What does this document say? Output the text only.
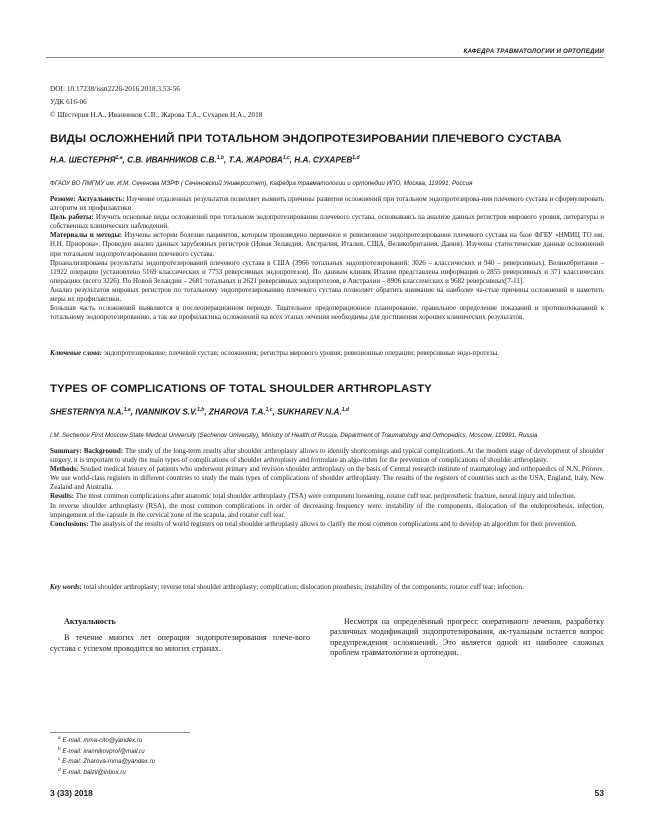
КАФЕДРА ТРАВМАТОЛОГИИ И ОРТОПЕДИИ
DOI: 10.17238/issn2226-2016.2018.3.53-56
УДК 616-06
© Шестерня Н.А., Иванников С.В., Жарова Т.А., Сухарев Н.А., 2018
ВИДЫ ОСЛОЖНЕНИЙ ПРИ ТОТАЛЬНОМ ЭНДОПРОТЕЗИРОВАНИИ ПЛЕЧЕВОГО СУСТАВА
Н.А. ШЕСТЕРНЯ$^{1,a}$, С.В. ИВАННИКОВ С.В.$^{1,b}$, Т.А. ЖАРОВА$^{1,c}$, Н.А. СУХАРЕВ$^{1,d}$
ФГАОУ ВО ПМГМУ им. И.М. Сеченова МЗРФ ( Сеченовский Университет), Кафедра травматологии и ортопедии ИПО, Москва, 119991, Россия

Резюме: Актуальность: Изучение отдаленных результатов позволяет выявить причины развития осложнений при тотальном эндопротезирова-ния плечевого сустава и сформулировать алгоритм их профилактики.

Цель работы: Изучить основные виды осложнений при тотальном эндопротезировании плечевого сустава, основываясь на анализе данных регистров мирового уровня, литературы и собственных клинических наблюдений.

Материалы и методы: Изучены истории болезни пациентов, которым произведено первичное и ревизионное эндопротезирование плечевого сустава на базе ФГБУ «НМИЦ ТО им. Н.Н. Приорова». Проведен анализ данных зарубежных регистров (Новая Зеландия, Австралия, Италия, США, Великобритания, Дания). Изучены статистические данные осложнений при тотальном эндопротезировании плечевого сустава.

Проанализированы результаты эндопротезирований плечевого сустава в США (3966 тотальных эндопротезирований: 3026 – классических и 940 – реверсивных). Великобритания – 11922 операции (установлено 5169 классических и 7753 реверсивных эндопротезов). По данным клиник Италии представлена информация о 2855 реверсивных и 371 классических операциях (всего 3226). По Новой Зеландии – 2681 тотальных и 2621 реверсивных эндопротезов, в Австралии – 8906 классических и 9682 реверсивных[7-11].

Анализ результатов мировых регистров по тотальному эндопротезированию плечевого сустава позволяет обратить внимание на наиболее ча-стые причины осложнений и наметить меры их профилактики.

Большая часть осложнений выявляется в послеоперационном периоде. Тщательное предоперационное планирование, правильное определение показаний и противопоказаний к тотальному эндопротезированию, а так же профилактика осложнений на всех этапах лечения необходимы для достижения хороших клинических результатов.

Ключевые слова: эндопротезирование; плечевой сустав; осложнения; регистры мирового уровня; ревизионные операции; реверсивные эндо-протезы.
TYPES OF COMPLICATIONS OF TOTAL SHOULDER ARTHROPLASTY
SHESTERNYA N.A.$^{1,a}$, IVANNIKOV S.V.$^{1,b}$, ZHAROVA T.A.$^{1,c}$, SUKHAREV N.A.$^{1,d}$
I.M. Sechenov First Moscow State Medical University (Sechenov University), Ministry of Health of Russia, Department of Traumatology and Orthopedics, Moscow, 119991, Russia

Summary: Background: The study of the long-term results after shoulder arthroplasty allows to identify shortcomings and typical complications. At the modern stage of development of shoulder surgery, it is important to study the main types of complications of shoulder arthroplasty and formulate an algo-rithm for the prevention of complications of shoulder arthroplasty.

Methods: Studied medical history of patients who underwent primary and revision shoulder arthroplasty on the basis of Central research institute of traumatology and orthopaedics of N.N. Priorov. We use world-class registers in different countries to study the main types of complications of shoulder arthroplasty. The results of the registers of countries such as the USA, England, Italy, New Zealand and Australia.

Results: The most common complications after anatomic total shoulder arthroplasty (TSA) were component loosening, rotator cuff tear, periprosthetic fracture, neural injury and infection.

In reverse shoulder arthroplasty (RSA), the most common complications in order of decreasing frequency were: instability of the components, dislocation of the endoprosthesis, infection, impingement of the capsule in the cervical zone of the scapula, and rotator cuff tear.

Conclusions: The analysis of the results of world registers on total shoulder arthroplasty allows to clarify the most common complications and to develop an algorithm for their prevention.

Key words: total shoulder arthroplasty; reverse total shoulder arthroplasty; complication; dislocation prosthesis; instability of the components; rotator cuff tear; infection.
Актуальность

В течение многих лет операция эндопротезирования плече-вого сустава с успехом проводится во многих странах.

Несмотря на определённый прогресс оперативного лечения, разработку различных модификаций эндопротезирования, ак-туальным остается вопрос предупреждения осложнений. Это является одной из наиболее сложных проблем травматологии и ортопедии.

$^a$ E-mail: mma-cito@yandex.ru
$^b$ E-mail: ivannikovprof@mail.ru
$^c$ E-mail: Zharova-mma@yandex.ru
$^d$ E-mail: baizil@inbox.ru
3 (33) 2018	53
